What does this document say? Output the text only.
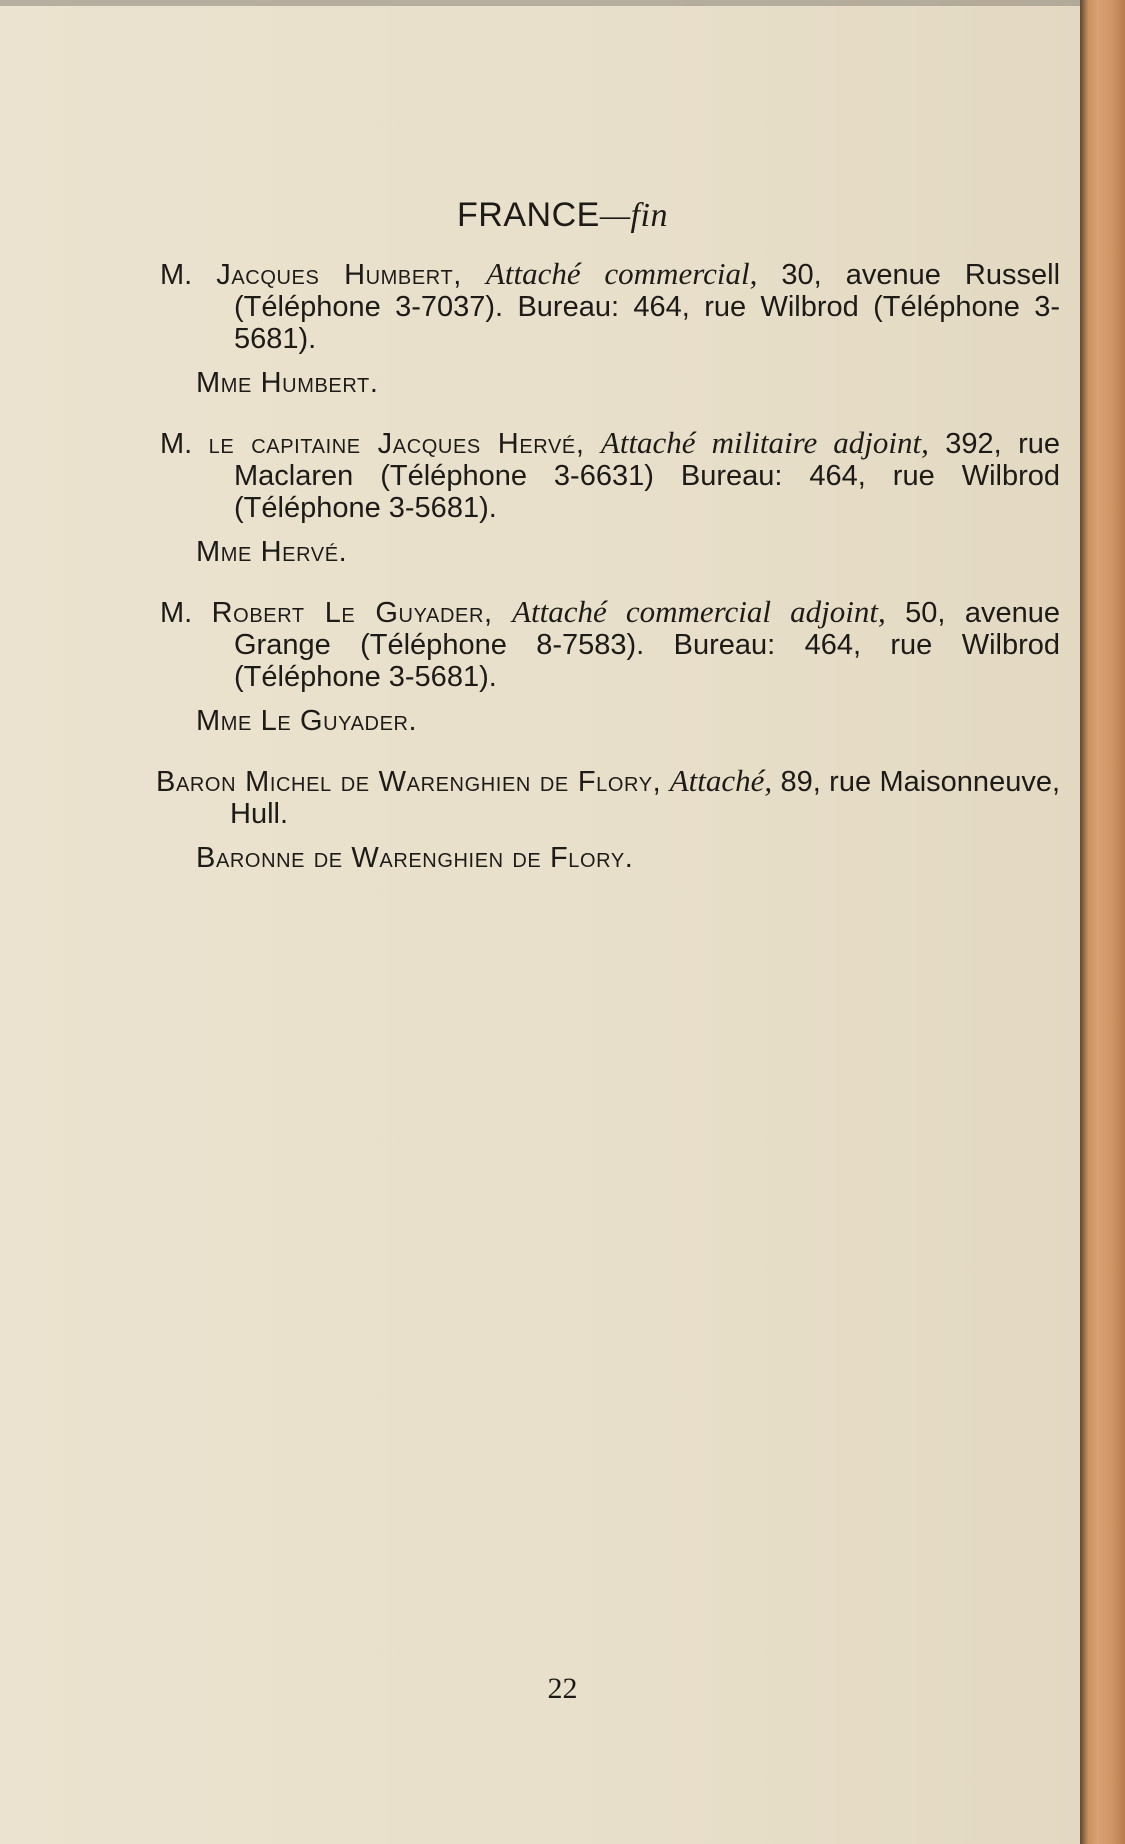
FRANCE—fin
M. Jacques Humbert, Attaché commercial, 30, avenue Russell (Téléphone 3-7037). Bureau: 464, rue Wilbrod (Téléphone 3-5681).
Mme Humbert.
M. le capitaine Jacques Hervé, Attaché militaire adjoint, 392, rue Maclaren (Téléphone 3-6631) Bureau: 464, rue Wilbrod (Téléphone 3-5681).
Mme Hervé.
M. Robert Le Guyader, Attaché commercial adjoint, 50, avenue Grange (Téléphone 8-7583). Bureau: 464, rue Wilbrod (Téléphone 3-5681).
Mme Le Guyader.
Baron Michel de Warenghien de Flory, Attaché, 89, rue Maisonneuve, Hull.
Baronne de Warenghien de Flory.
22
